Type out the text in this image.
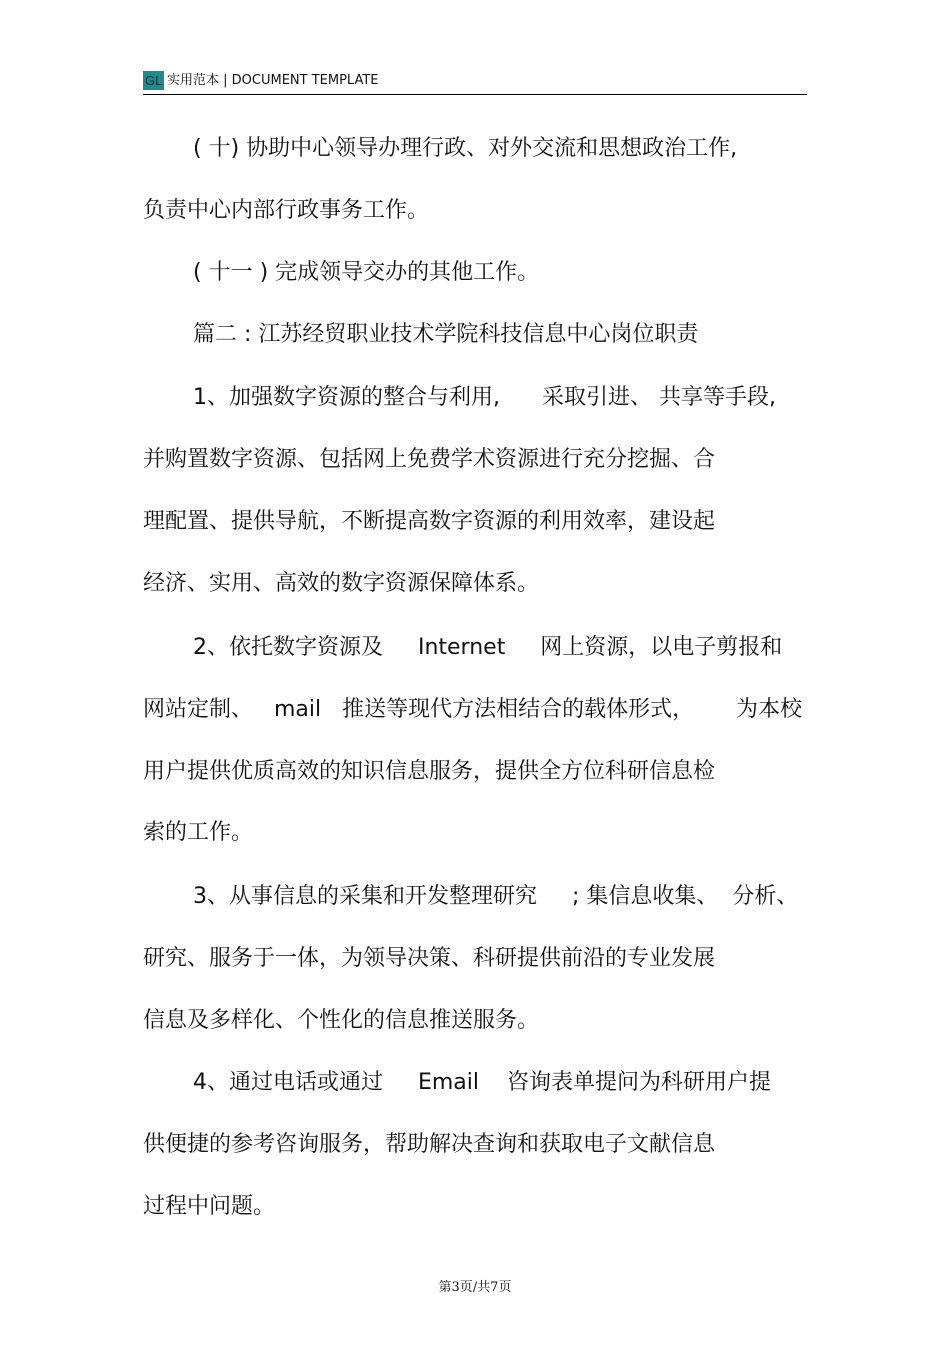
GL 实用范本 | DOCUMENT TEMPLATE
( 十) 协助中心领导办理行政、对外交流和思想政治工作,
负责中心内部行政事务工作。
( 十一 ) 完成领导交办的其他工作。
篇二 : 江苏经贸职业技术学院科技信息中心岗位职责
1、加强数字资源的整合与利用,      采取引进、 共享等手段,
并购置数字资源、包括网上免费学术资源进行充分挖掘、合
理配置、提供导航，不断提高数字资源的利用效率，建设起
经济、实用、高效的数字资源保障体系。
2、依托数字资源及     Internet     网上资源，以电子剪报和
网站定制、   mail   推送等现代方法相结合的载体形式，      为本校
用户提供优质高效的知识信息服务，提供全方位科研信息检
索的工作。
3、从事信息的采集和开发整理研究     ; 集信息收集、  分析、
研究、服务于一体，为领导决策、科研提供前沿的专业发展
信息及多样化、个性化的信息推送服务。
4、通过电话或通过     Email    咨询表单提问为科研用户提
供便捷的参考咨询服务，帮助解决查询和获取电子文献信息
过程中问题。
第3页/共7页
